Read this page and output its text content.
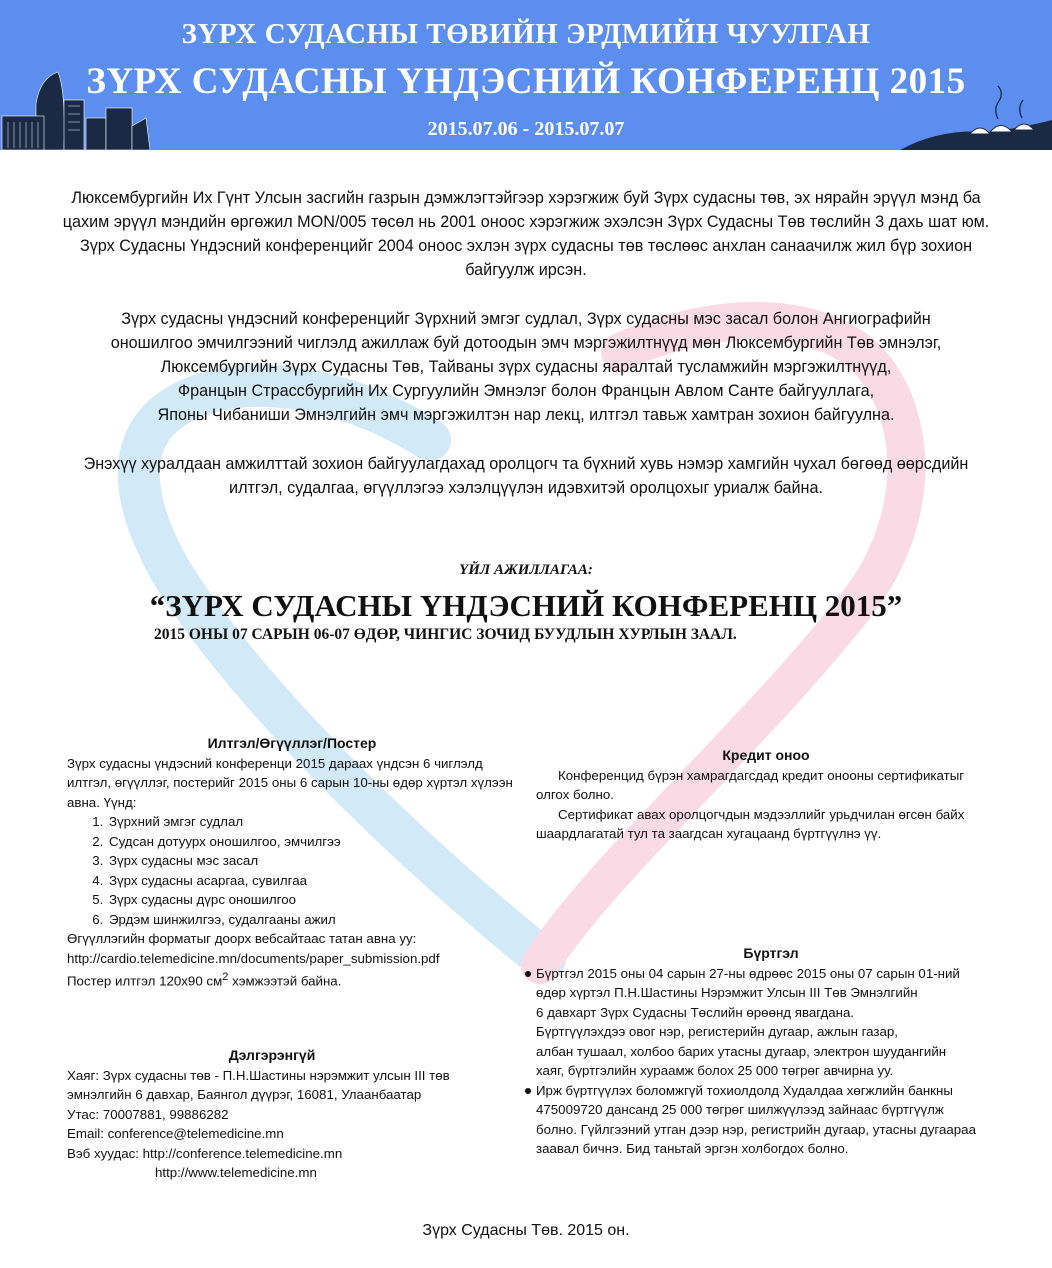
ЗҮРХ СУДАСНЫ ТӨВИЙН ЭРДМИЙН ЧУУЛГАН
ЗҮРХ СУДАСНЫ ҮНДЭСНИЙ КОНФЕРЕНЦ 2015
2015.07.06 - 2015.07.07
Люксембургийн Их Гүнт Улсын засгийн газрын дэмжлэгтэйгээр хэрэгжиж буй Зүрх судасны төв, эх нярайн эрүүл мэнд ба цахим эрүүл мэндийн өргөжил MON/005 төсөл нь 2001 оноос хэрэгжиж эхэлсэн Зүрх Судасны Төв төслийн 3 дахь шат юм. Зүрх Судасны Үндэсний конференцийг 2004 оноос эхлэн зүрх судасны төв төслөөс анхлан санаачилж жил бүр зохион байгуулж ирсэн.
Зүрх судасны үндэсний конференцийг Зүрхний эмгэг судлал, Зүрх судасны мэс засал болон Ангиографийн
оношилгоо эмчилгээний чиглэлд ажиллаж буй дотоодын эмч мэргэжилтнүүд мөн Люксембургийн Төв эмнэлэг,
Люксембургийн Зүрх Судасны Төв, Тайваны зүрх судасны яаралтай тусламжийн мэргэжилтнүүд,
Францын Страссбургийн Их Сургуулийн Эмнэлэг болон Францын Авлом Санте байгууллага,
Японы Чибаниши Эмнэлгийн эмч мэргэжилтэн нар лекц, илтгэл тавьж хамтран зохион байгуулна.
Энэхүү хуралдаан амжилттай зохион байгуулагдахад оролцогч та бүхний хувь нэмэр хамгийн чухал бөгөөд өөрсдийн илтгэл, судалгаа, өгүүллэгээ хэлэлцүүлэн идэвхитэй оролцохыг уриалж байна.
ҮЙЛ АЖИЛЛАГАА:
“ЗҮРХ СУДАСНЫ ҮНДЭСНИЙ КОНФЕРЕНЦ 2015”
2015 ОНЫ 07 САРЫН 06-07 ӨДӨР, ЧИНГИС ЗОЧИД БУУДЛЫН ХУРЛЫН ЗААЛ.
Илтгэл/Өгүүллэг/Постер
Зүрх судасны үндэсний конференци 2015 дараах үндсэн 6 чиглэлд илтгэл, өгүүллэг, постерийг 2015 оны 6 сарын 10-ны өдөр хүртэл хүлээн авна. Үүнд:
1. Зүрхний эмгэг судлал
2. Судсан дотуурх оношилгоо, эмчилгээ
3. Зүрх судасны мэс засал
4. Зүрх судасны асаргаа, сувилгаа
5. Зүрх судасны дүрс оношилгоо
6. Эрдэм шинжилгээ, судалгааны ажил
Өгүүллэгийн форматыг доорх вебсайтаас татан авна уу:
http://cardio.telemedicine.mn/documents/paper_submission.pdf
Постер илтгэл 120x90 $см^2$ хэмжээтэй байна.
Дэлгэрэнгүй
Хаяг: Зүрх судасны төв - П.Н.Шастины нэрэмжит улсын III төв эмнэлгийн 6 давхар, Баянгол дүүрэг, 16081, Улаанбаатар
Утас: 70007881, 99886282
Email: conference@telemedicine.mn
Вэб хуудас: http://conference.telemedicine.mn
http://www.telemedicine.mn
Кредит оноо
Конференцид бүрэн хамрагдагсдад кредит онооны сертификатыг олгох болно.
Сертификат авах оролцогчдын мэдээллийг урьдчилан өгсөн байх шаардлагатай тул та заагдсан хугацаанд бүртгүүлнэ үү.
Бүртгэл
Бүртгэл 2015 оны 04 сарын 27-ны өдрөөс 2015 оны 07 сарын 01-ний
өдөр хүртэл П.Н.Шастины Нэрэмжит Улсын III Төв Эмнэлгийн
6 давхарт Зүрх Судасны Төслийн өрөөнд явагдана.
Бүртгүүлэхдээ овог нэр, регистерийн дугаар, ажлын газар,
албан тушаал, холбоо барих утасны дугаар, электрон шуудангийн
хаяг, бүртгэлийн хураамж болох 25 000 төгрөг авчирна уу.
Ирж бүртгүүлэх боломжгүй тохиолдолд Худалдаа хөгжлийн банкны
475009720 дансанд 25 000 төгрөг шилжүүлээд зайнаас бүртгүүлж
болно. Гүйлгээний утган дээр нэр, регистрийн дугаар, утасны дугаараа
заавал бичнэ. Бид таньтай эргэн холбогдох болно.
Зүрх Судасны Төв. 2015 он.
